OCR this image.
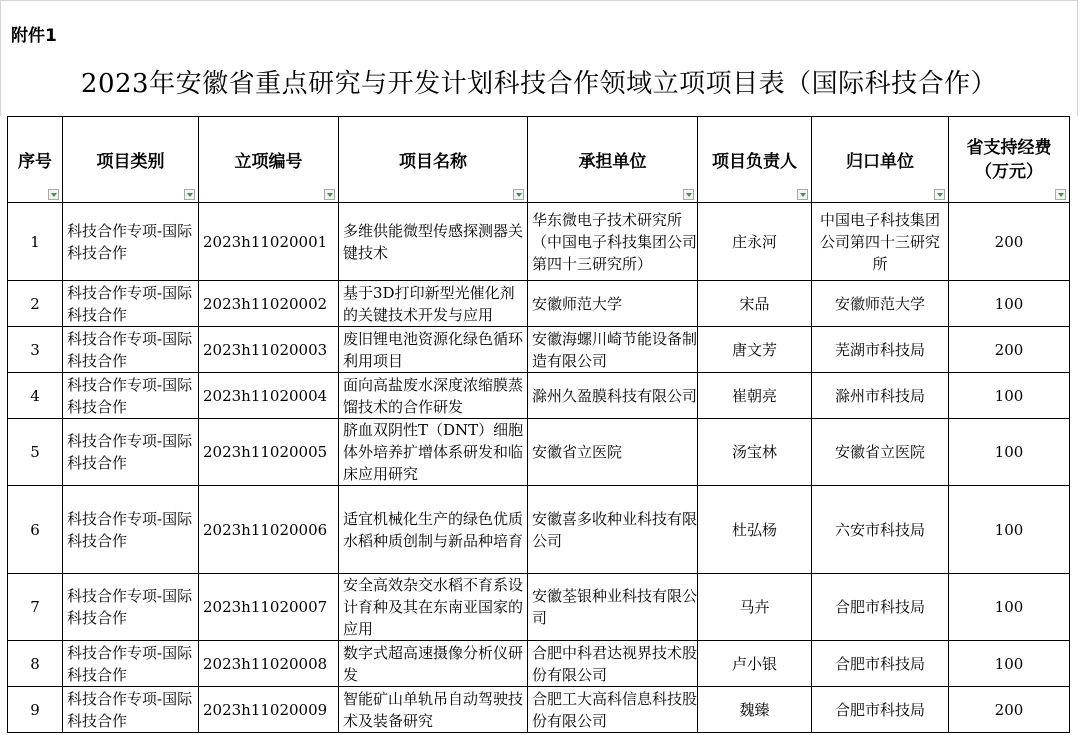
附件1
2023年安徽省重点研究与开发计划科技合作领域立项项目表（国际科技合作）
序号	项目类别	立项编号	项目名称	承担单位	项目负责人	归口单位	省支持经费
（万元）

1	科技合作专项-国际科技合作	2023h11020001	多维供能微型传感探测器关键技术	华东微电子技术研究所（中国电子科技集团公司第四十三研究所）	庄永河	中国电子科技集团公司第四十三研究所	200

2	科技合作专项-国际科技合作	2023h11020002	基于3D打印新型光催化剂的关键技术开发与应用	安徽师范大学	宋品	安徽师范大学	100

3	科技合作专项-国际科技合作	2023h11020003	废旧锂电池资源化绿色循环利用项目	安徽海螺川崎节能设备制造有限公司	唐文芳	芜湖市科技局	200

4	科技合作专项-国际科技合作	2023h11020004	面向高盐废水深度浓缩膜蒸馏技术的合作研发	滁州久盈膜科技有限公司	崔朝亮	滁州市科技局	100

5	科技合作专项-国际科技合作	2023h11020005	脐血双阴性T（DNT）细胞体外培养扩增体系研发和临床应用研究	安徽省立医院	汤宝林	安徽省立医院	100

6	科技合作专项-国际科技合作	2023h11020006	适宜机械化生产的绿色优质水稻种质创制与新品种培育	安徽喜多收种业科技有限公司	杜弘杨	六安市科技局	100

7	科技合作专项-国际科技合作	2023h11020007	安全高效杂交水稻不育系设计育种及其在东南亚国家的应用	安徽荃银种业科技有限公司	马卉	合肥市科技局	100

8	科技合作专项-国际科技合作	2023h11020008	数字式超高速摄像分析仪研发	合肥中科君达视界技术股份有限公司	卢小银	合肥市科技局	100

9	科技合作专项-国际科技合作	2023h11020009	智能矿山单轨吊自动驾驶技术及装备研究	合肥工大高科信息科技股份有限公司	魏臻	合肥市科技局	200
